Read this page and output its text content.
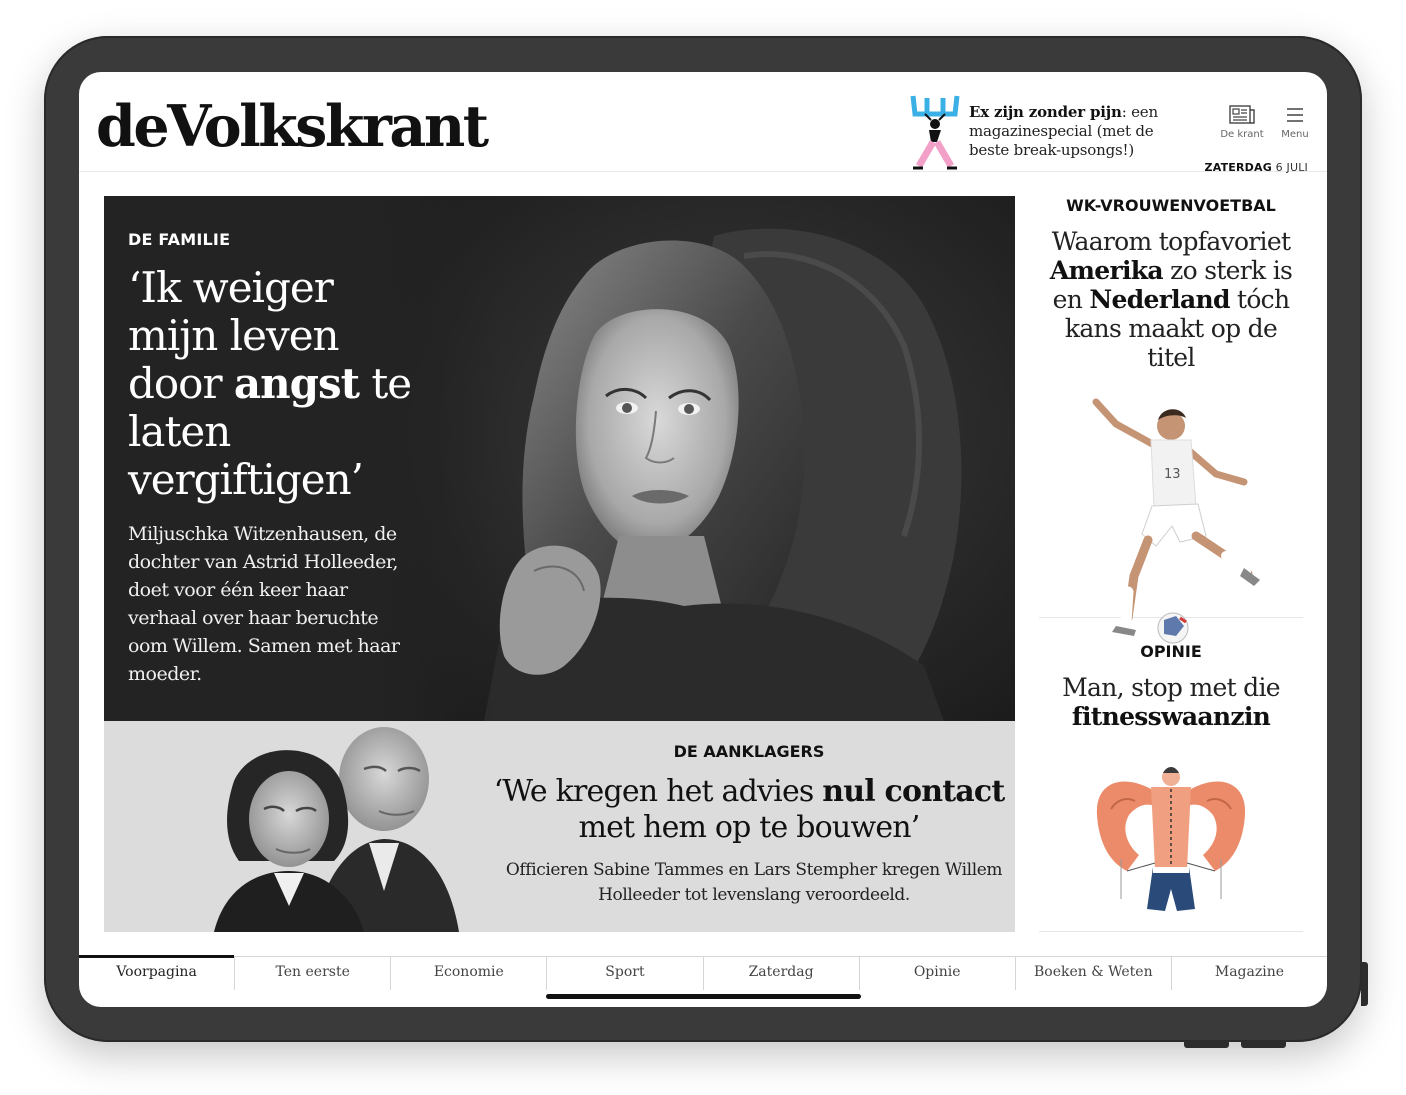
deVolkskrant	Ex zijn zonder pijn: een magazinespecial (met de beste break-upsongs!)
De krant	Menu
ZATERDAG 6 JULI
DE FAMILIE
‘Ik weiger mijn leven door angst te laten vergiftigen’
Miljuschka Witzenhausen, de dochter van Astrid Holleeder, doet voor één keer haar verhaal over haar beruchte oom Willem. Samen met haar moeder.
DE AANKLAGERS
‘We kregen het advies nul contact met hem op te bouwen’
Officieren Sabine Tammes en Lars Stempher kregen Willem Holleeder tot levenslang veroordeeld.
WK-VROUWENVOETBAL
Waarom topfavoriet Amerika zo sterk is en Nederland tóch kans maakt op de titel
13
OPINIE
Man, stop met die fitnesswaanzin
Voorpagina	Ten eerste	Economie	Sport	Zaterdag	Opinie	Boeken & Weten	Magazine
